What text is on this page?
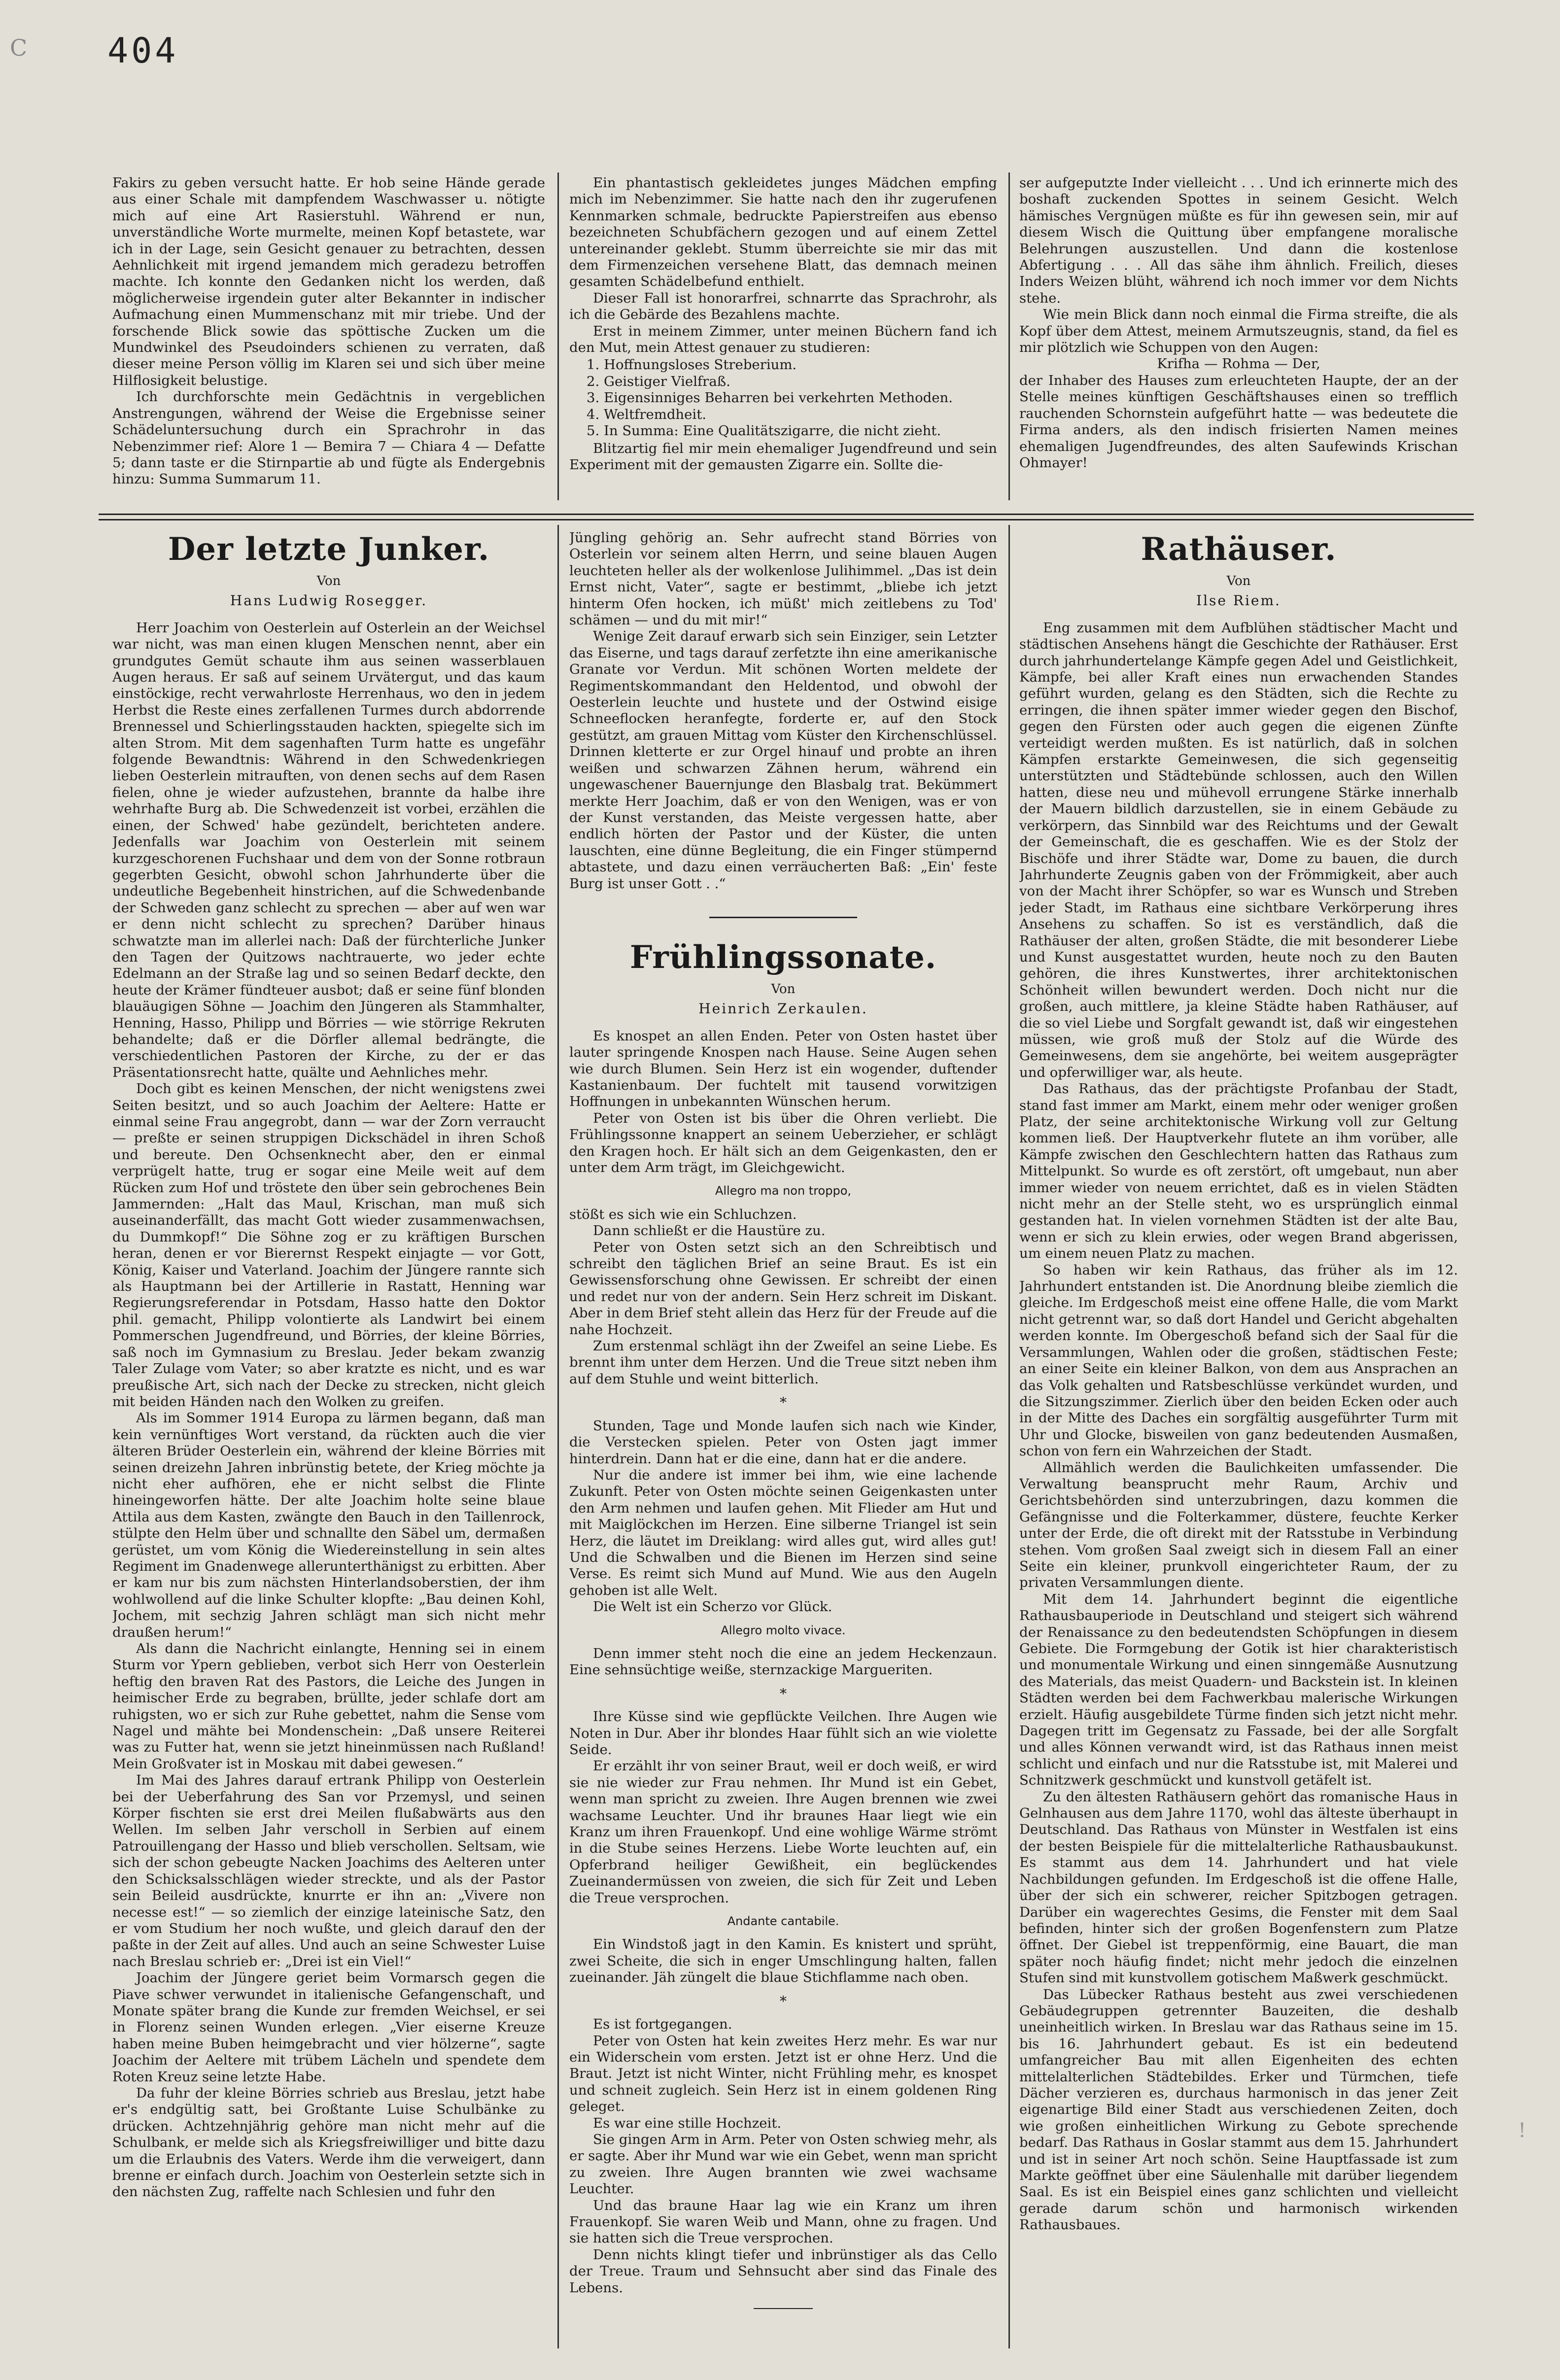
C 404

Fakirs zu geben versucht hatte. Er hob seine Hände gerade aus einer Schale mit dampfendem Waschwasser u. nötigte mich auf eine Art Rasierstuhl. Während er nun, unverständliche Worte murmelte, meinen Kopf betastete, war ich in der Lage, sein Gesicht genauer zu betrachten, dessen Aehnlichkeit mit irgend jemandem mich geradezu betroffen machte. Ich konnte den Gedanken nicht los werden, daß möglicherweise irgendein guter alter Bekannter in indischer Aufmachung einen Mummenschanz mit mir triebe. Und der forschende Blick sowie das spöttische Zucken um die Mundwinkel des Pseudoinders schienen zu verraten, daß dieser meine Person völlig im Klaren sei und sich über meine Hilflosigkeit belustige.

Ich durchforschte mein Gedächtnis in vergeblichen Anstrengungen, während der Weise die Ergebnisse seiner Schädeluntersuchung durch ein Sprachrohr in das Nebenzimmer rief: Alore 1 — Bemira 7 — Chiara 4 — Defatte 5; dann taste er die Stirnpartie ab und fügte als Endergebnis hinzu: Summa Summarum 11.

Ein phantastisch gekleidetes junges Mädchen empfing mich im Nebenzimmer. Sie hatte nach den ihr zugerufenen Kennmarken schmale, bedruckte Papierstreifen aus ebenso bezeichneten Schubfächern gezogen und auf einem Zettel untereinander geklebt. Stumm überreichte sie mir das mit dem Firmenzeichen versehene Blatt, das demnach meinen gesamten Schädelbefund enthielt.

Dieser Fall ist honorarfrei, schnarrte das Sprachrohr, als ich die Gebärde des Bezahlens machte.

Erst in meinem Zimmer, unter meinen Büchern fand ich den Mut, mein Attest genauer zu studieren:

1. Hoffnungsloses Streberium.
2. Geistiger Vielfraß.
3. Eigensinniges Beharren bei verkehrten Methoden.
4. Weltfremdheit.
5. In Summa: Eine Qualitätszigarre, die nicht zieht.

Blitzartig fiel mir mein ehemaliger Jugendfreund und sein Experiment mit der gemausten Zigarre ein. Sollte die-

ser aufgeputzte Inder vielleicht . . . Und ich erinnerte mich des boshaft zuckenden Spottes in seinem Gesicht. Welch hämisches Vergnügen müßte es für ihn gewesen sein, mir auf diesem Wisch die Quittung über empfangene moralische Belehrungen auszustellen. Und dann die kostenlose Abfertigung . . . All das sähe ihm ähnlich. Freilich, dieses Inders Weizen blüht, während ich noch immer vor dem Nichts stehe.

Wie mein Blick dann noch einmal die Firma streifte, die als Kopf über dem Attest, meinem Armutszeugnis, stand, da fiel es mir plötzlich wie Schuppen von den Augen:

Krifha — Rohma — Der,

der Inhaber des Hauses zum erleuchteten Haupte, der an der Stelle meines künftigen Geschäftshauses einen so trefflich rauchenden Schornstein aufgeführt hatte — was bedeutete die Firma anders, als den indisch frisierten Namen meines ehemaligen Jugendfreundes, des alten Saufewinds Krischan Ohmayer!

Der letzte Junker.
Von
Hans Ludwig Rosegger.

Herr Joachim von Oesterlein auf Osterlein an der Weichsel war nicht, was man einen klugen Menschen nennt, aber ein grundgutes Gemüt schaute ihm aus seinen wasserblauen Augen heraus. Er saß auf seinem Urvätergut, und das kaum einstöckige, recht verwahrloste Herrenhaus, wo den in jedem Herbst die Reste eines zerfallenen Turmes durch abdorrende Brennessel und Schierlingsstauden hackten, spiegelte sich im alten Strom. Mit dem sagenhaften Turm hatte es ungefähr folgende Bewandtnis: Während in den Schwedenkriegen lieben Oesterlein mitrauften, von denen sechs auf dem Rasen fielen, ohne je wieder aufzustehen, brannte da halbe ihre wehrhafte Burg ab. Die Schwedenzeit ist vorbei, erzählen die einen, der Schwed' habe gezündelt, berichteten andere. Jedenfalls war Joachim von Oesterlein mit seinem kurzgeschorenen Fuchshaar und dem von der Sonne rotbraun gegerbten Gesicht, obwohl schon Jahrhunderte über die undeutliche Begebenheit hinstrichen, auf die Schwedenbande der Schweden ganz schlecht zu sprechen — aber auf wen war er denn nicht schlecht zu sprechen? Darüber hinaus schwatzte man im allerlei nach: Daß der fürchterliche Junker den Tagen der Quitzows nachtrauerte, wo jeder echte Edelmann an der Straße lag und so seinen Bedarf deckte, den heute der Krämer fündteuer ausbot; daß er seine fünf blonden blauäugigen Söhne — Joachim den Jüngeren als Stammhalter, Henning, Hasso, Philipp und Börries — wie störrige Rekruten behandelte; daß er die Dörfler allemal bedrängte, die verschiedentlichen Pastoren der Kirche, zu der er das Präsentationsrecht hatte, quälte und Aehnliches mehr.

Doch gibt es keinen Menschen, der nicht wenigstens zwei Seiten besitzt, und so auch Joachim der Aeltere: Hatte er einmal seine Frau angegrobt, dann — war der Zorn verraucht — preßte er seinen struppigen Dickschädel in ihren Schoß und bereute. Den Ochsenknecht aber, den er einmal verprügelt hatte, trug er sogar eine Meile weit auf dem Rücken zum Hof und tröstete den über sein gebrochenes Bein Jammernden: „Halt das Maul, Krischan, man muß sich auseinanderfällt, das macht Gott wieder zusammenwachsen, du Dummkopf!“ Die Söhne zog er zu kräftigen Burschen heran, denen er vor Bierernst Respekt einjagte — vor Gott, König, Kaiser und Vaterland. Joachim der Jüngere rannte sich als Hauptmann bei der Artillerie in Rastatt, Henning war Regierungsreferendar in Potsdam, Hasso hatte den Doktor phil. gemacht, Philipp volontierte als Landwirt bei einem Pommerschen Jugendfreund, und Börries, der kleine Börries, saß noch im Gymnasium zu Breslau. Jeder bekam zwanzig Taler Zulage vom Vater; so aber kratzte es nicht, und es war preußische Art, sich nach der Decke zu strecken, nicht gleich mit beiden Händen nach den Wolken zu greifen.

Als im Sommer 1914 Europa zu lärmen begann, daß man kein vernünftiges Wort verstand, da rückten auch die vier älteren Brüder Oesterlein ein, während der kleine Börries mit seinen dreizehn Jahren inbrünstig betete, der Krieg möchte ja nicht eher aufhören, ehe er nicht selbst die Flinte hineingeworfen hätte. Der alte Joachim holte seine blaue Attila aus dem Kasten, zwängte den Bauch in den Taillenrock, stülpte den Helm über und schnallte den Säbel um, dermaßen gerüstet, um vom König die Wiedereinstellung in sein altes Regiment im Gnadenwege allerunterthänigst zu erbitten. Aber er kam nur bis zum nächsten Hinterlandsoberstien, der ihm wohlwollend auf die linke Schulter klopfte: „Bau deinen Kohl, Jochem, mit sechzig Jahren schlägt man sich nicht mehr draußen herum!“

Als dann die Nachricht einlangte, Henning sei in einem Sturm vor Ypern geblieben, verbot sich Herr von Oesterlein heftig den braven Rat des Pastors, die Leiche des Jungen in heimischer Erde zu begraben, brüllte, jeder schlafe dort am ruhigsten, wo er sich zur Ruhe gebettet, nahm die Sense vom Nagel und mähte bei Mondenschein: „Daß unsere Reiterei was zu Futter hat, wenn sie jetzt hineinmüssen nach Rußland! Mein Großvater ist in Moskau mit dabei gewesen.“

Im Mai des Jahres darauf ertrank Philipp von Oesterlein bei der Ueberfahrung des San vor Przemysl, und seinen Körper fischten sie erst drei Meilen flußabwärts aus den Wellen. Im selben Jahr verscholl in Serbien auf einem Patrouillengang der Hasso und blieb verschollen. Seltsam, wie sich der schon gebeugte Nacken Joachims des Aelteren unter den Schicksalsschlägen wieder streckte, und als der Pastor sein Beileid ausdrückte, knurrte er ihn an: „Vivere non necesse est!“ — so ziemlich der einzige lateinische Satz, den er vom Studium her noch wußte, und gleich darauf den der paßte in der Zeit auf alles. Und auch an seine Schwester Luise nach Breslau schrieb er: „Drei ist ein Viel!“

Joachim der Jüngere geriet beim Vormarsch gegen die Piave schwer verwundet in italienische Gefangenschaft, und Monate später brang die Kunde zur fremden Weichsel, er sei in Florenz seinen Wunden erlegen. „Vier eiserne Kreuze haben meine Buben heimgebracht und vier hölzerne“, sagte Joachim der Aeltere mit trübem Lächeln und spendete dem Roten Kreuz seine letzte Habe.

Da fuhr der kleine Börries schrieb aus Breslau, jetzt habe er's endgültig satt, bei Großtante Luise Schulbänke zu drücken. Achtzehnjährig gehöre man nicht mehr auf die Schulbank, er melde sich als Kriegsfreiwilliger und bitte dazu um die Erlaubnis des Vaters. Werde ihm die verweigert, dann brenne er einfach durch. Joachim von Oesterlein setzte sich in den nächsten Zug, raffelte nach Schlesien und fuhr den

Jüngling gehörig an. Sehr aufrecht stand Börries von Osterlein vor seinem alten Herrn, und seine blauen Augen leuchteten heller als der wolkenlose Julihimmel. „Das ist dein Ernst nicht, Vater“, sagte er bestimmt, „bliebe ich jetzt hinterm Ofen hocken, ich müßt' mich zeitlebens zu Tod' schämen — und du mit mir!“

Wenige Zeit darauf erwarb sich sein Einziger, sein Letzter das Eiserne, und tags darauf zerfetzte ihn eine amerikanische Granate vor Verdun. Mit schönen Worten meldete der Regimentskommandant den Heldentod, und obwohl der Oesterlein leuchte und hustete und der Ostwind eisige Schneeflocken heranfegte, forderte er, auf den Stock gestützt, am grauen Mittag vom Küster den Kirchenschlüssel. Drinnen kletterte er zur Orgel hinauf und probte an ihren weißen und schwarzen Zähnen herum, während ein ungewaschener Bauernjunge den Blasbalg trat. Bekümmert merkte Herr Joachim, daß er von den Wenigen, was er von der Kunst verstanden, das Meiste vergessen hatte, aber endlich hörten der Pastor und der Küster, die unten lauschten, eine dünne Begleitung, die ein Finger stümpernd abtastete, und dazu einen verräucherten Baß: „Ein' feste Burg ist unser Gott . .“

Frühlingssonate.
Von
Heinrich Zerkaulen.

Es knospet an allen Enden. Peter von Osten hastet über lauter springende Knospen nach Hause. Seine Augen sehen wie durch Blumen. Sein Herz ist ein wogender, duftender Kastanienbaum. Der fuchtelt mit tausend vorwitzigen Hoffnungen in unbekannten Wünschen herum.

Peter von Osten ist bis über die Ohren verliebt. Die Frühlingssonne knappert an seinem Ueberzieher, er schlägt den Kragen hoch. Er hält sich an dem Geigenkasten, den er unter dem Arm trägt, im Gleichgewicht.

Allegro ma non troppo,

stößt es sich wie ein Schluchzen.

Dann schließt er die Haustüre zu.

Peter von Osten setzt sich an den Schreibtisch und schreibt den täglichen Brief an seine Braut. Es ist ein Gewissensforschung ohne Gewissen. Er schreibt der einen und redet nur von der andern. Sein Herz schreit im Diskant. Aber in dem Brief steht allein das Herz für der Freude auf die nahe Hochzeit.

Zum erstenmal schlägt ihn der Zweifel an seine Liebe. Es brennt ihm unter dem Herzen. Und die Treue sitzt neben ihm auf dem Stuhle und weint bitterlich.

*

Stunden, Tage und Monde laufen sich nach wie Kinder, die Verstecken spielen. Peter von Osten jagt immer hinterdrein. Dann hat er die eine, dann hat er die andere.

Nur die andere ist immer bei ihm, wie eine lachende Zukunft. Peter von Osten möchte seinen Geigenkasten unter den Arm nehmen und laufen gehen. Mit Flieder am Hut und mit Maiglöckchen im Herzen. Eine silberne Triangel ist sein Herz, die läutet im Dreiklang: wird alles gut, wird alles gut! Und die Schwalben und die Bienen im Herzen sind seine Verse. Es reimt sich Mund auf Mund. Wie aus den Augeln gehoben ist alle Welt.

Die Welt ist ein Scherzo vor Glück.

Allegro molto vivace.

Denn immer steht noch die eine an jedem Heckenzaun. Eine sehnsüchtige weiße, sternzackige Margueriten.

*

Ihre Küsse sind wie gepflückte Veilchen. Ihre Augen wie Noten in Dur. Aber ihr blondes Haar fühlt sich an wie violette Seide.

Er erzählt ihr von seiner Braut, weil er doch weiß, er wird sie nie wieder zur Frau nehmen. Ihr Mund ist ein Gebet, wenn man spricht zu zweien. Ihre Augen brennen wie zwei wachsame Leuchter. Und ihr braunes Haar liegt wie ein Kranz um ihren Frauenkopf. Und eine wohlige Wärme strömt in die Stube seines Herzens. Liebe Worte leuchten auf, ein Opferbrand heiliger Gewißheit, ein beglückendes Zueinandermüssen von zweien, die sich für Zeit und Leben die Treue versprochen.

Andante cantabile.

Ein Windstoß jagt in den Kamin. Es knistert und sprüht, zwei Scheite, die sich in enger Umschlingung halten, fallen zueinander. Jäh züngelt die blaue Stichflamme nach oben.

*

Es ist fortgegangen.

Peter von Osten hat kein zweites Herz mehr. Es war nur ein Widerschein vom ersten. Jetzt ist er ohne Herz. Und die Braut. Jetzt ist nicht Winter, nicht Frühling mehr, es knospet und schneit zugleich. Sein Herz ist in einem goldenen Ring geleget.

Es war eine stille Hochzeit.

Sie gingen Arm in Arm. Peter von Osten schwieg mehr, als er sagte. Aber ihr Mund war wie ein Gebet, wenn man spricht zu zweien. Ihre Augen brannten wie zwei wachsame Leuchter.

Und das braune Haar lag wie ein Kranz um ihren Frauenkopf. Sie waren Weib und Mann, ohne zu fragen. Und sie hatten sich die Treue versprochen.

Denn nichts klingt tiefer und inbrünstiger als das Cello der Treue. Traum und Sehnsucht aber sind das Finale des Lebens.

Rathäuser.
Von
Ilse Riem.

Eng zusammen mit dem Aufblühen städtischer Macht und städtischen Ansehens hängt die Geschichte der Rathäuser. Erst durch jahrhundertelange Kämpfe gegen Adel und Geistlichkeit, Kämpfe, bei aller Kraft eines nun erwachenden Standes geführt wurden, gelang es den Städten, sich die Rechte zu erringen, die ihnen später immer wieder gegen den Bischof, gegen den Fürsten oder auch gegen die eigenen Zünfte verteidigt werden mußten. Es ist natürlich, daß in solchen Kämpfen erstarkte Gemeinwesen, die sich gegenseitig unterstützten und Städtebünde schlossen, auch den Willen hatten, diese neu und mühevoll errungene Stärke innerhalb der Mauern bildlich darzustellen, sie in einem Gebäude zu verkörpern, das Sinnbild war des Reichtums und der Gewalt der Gemeinschaft, die es geschaffen. Wie es der Stolz der Bischöfe und ihrer Städte war, Dome zu bauen, die durch Jahrhunderte Zeugnis gaben von der Frömmigkeit, aber auch von der Macht ihrer Schöpfer, so war es Wunsch und Streben jeder Stadt, im Rathaus eine sichtbare Verkörperung ihres Ansehens zu schaffen. So ist es verständlich, daß die Rathäuser der alten, großen Städte, die mit besonderer Liebe und Kunst ausgestattet wurden, heute noch zu den Bauten gehören, die ihres Kunstwertes, ihrer architektonischen Schönheit willen bewundert werden. Doch nicht nur die großen, auch mittlere, ja kleine Städte haben Rathäuser, auf die so viel Liebe und Sorgfalt gewandt ist, daß wir eingestehen müssen, wie groß muß der Stolz auf die Würde des Gemeinwesens, dem sie angehörte, bei weitem ausgeprägter und opferwilliger war, als heute.

Das Rathaus, das der prächtigste Profanbau der Stadt, stand fast immer am Markt, einem mehr oder weniger großen Platz, der seine architektonische Wirkung voll zur Geltung kommen ließ. Der Hauptverkehr flutete an ihm vorüber, alle Kämpfe zwischen den Geschlechtern hatten das Rathaus zum Mittelpunkt. So wurde es oft zerstört, oft umgebaut, nun aber immer wieder von neuem errichtet, daß es in vielen Städten nicht mehr an der Stelle steht, wo es ursprünglich einmal gestanden hat. In vielen vornehmen Städten ist der alte Bau, wenn er sich zu klein erwies, oder wegen Brand abgerissen, um einem neuen Platz zu machen.

So haben wir kein Rathaus, das früher als im 12. Jahrhundert entstanden ist. Die Anordnung bleibe ziemlich die gleiche. Im Erdgeschoß meist eine offene Halle, die vom Markt nicht getrennt war, so daß dort Handel und Gericht abgehalten werden konnte. Im Obergeschoß befand sich der Saal für die Versammlungen, Wahlen oder die großen, städtischen Feste; an einer Seite ein kleiner Balkon, von dem aus Ansprachen an das Volk gehalten und Ratsbeschlüsse verkündet wurden, und die Sitzungszimmer. Zierlich über den beiden Ecken oder auch in der Mitte des Daches ein sorgfältig ausgeführter Turm mit Uhr und Glocke, bisweilen von ganz bedeutenden Ausmaßen, schon von fern ein Wahrzeichen der Stadt.

Allmählich werden die Baulichkeiten umfassender. Die Verwaltung beansprucht mehr Raum, Archiv und Gerichtsbehörden sind unterzubringen, dazu kommen die Gefängnisse und die Folterkammer, düstere, feuchte Kerker unter der Erde, die oft direkt mit der Ratsstube in Verbindung stehen. Vom großen Saal zweigt sich in diesem Fall an einer Seite ein kleiner, prunkvoll eingerichteter Raum, der zu privaten Versammlungen diente.

Mit dem 14. Jahrhundert beginnt die eigentliche Rathausbauperiode in Deutschland und steigert sich während der Renaissance zu den bedeutendsten Schöpfungen in diesem Gebiete. Die Formgebung der Gotik ist hier charakteristisch und monumentale Wirkung und einen sinngemäße Ausnutzung des Materials, das meist Quadern- und Backstein ist. In kleinen Städten werden bei dem Fachwerkbau malerische Wirkungen erzielt. Häufig ausgebildete Türme finden sich jetzt nicht mehr. Dagegen tritt im Gegensatz zu Fassade, bei der alle Sorgfalt und alles Können verwandt wird, ist das Rathaus innen meist schlicht und einfach und nur die Ratsstube ist, mit Malerei und Schnitzwerk geschmückt und kunstvoll getäfelt ist.

Zu den ältesten Rathäusern gehört das romanische Haus in Gelnhausen aus dem Jahre 1170, wohl das älteste überhaupt in Deutschland. Das Rathaus von Münster in Westfalen ist eins der besten Beispiele für die mittelalterliche Rathausbaukunst. Es stammt aus dem 14. Jahrhundert und hat viele Nachbildungen gefunden. Im Erdgeschoß ist die offene Halle, über der sich ein schwerer, reicher Spitzbogen getragen. Darüber ein wagerechtes Gesims, die Fenster mit dem Saal befinden, hinter sich der großen Bogenfenstern zum Platze öffnet. Der Giebel ist treppenförmig, eine Bauart, die man später noch häufig findet; nicht mehr jedoch die einzelnen Stufen sind mit kunstvollem gotischem Maßwerk geschmückt.

Das Lübecker Rathaus besteht aus zwei verschiedenen Gebäudegruppen getrennter Bauzeiten, die deshalb uneinheitlich wirken. In Breslau war das Rathaus seine im 15. bis 16. Jahrhundert gebaut. Es ist ein bedeutend umfangreicher Bau mit allen Eigenheiten des echten mittelalterlichen Städtebildes. Erker und Türmchen, tiefe Dächer verzieren es, durchaus harmonisch in das jener Zeit eigenartige Bild einer Stadt aus verschiedenen Zeiten, doch wie großen einheitlichen Wirkung zu Gebote sprechende bedarf. Das Rathaus in Goslar stammt aus dem 15. Jahrhundert und ist in seiner Art noch schön. Seine Hauptfassade ist zum Markte geöffnet über eine Säulenhalle mit darüber liegendem Saal. Es ist ein Beispiel eines ganz schlichten und vielleicht gerade darum schön und harmonisch wirkenden Rathausbaues.

!
